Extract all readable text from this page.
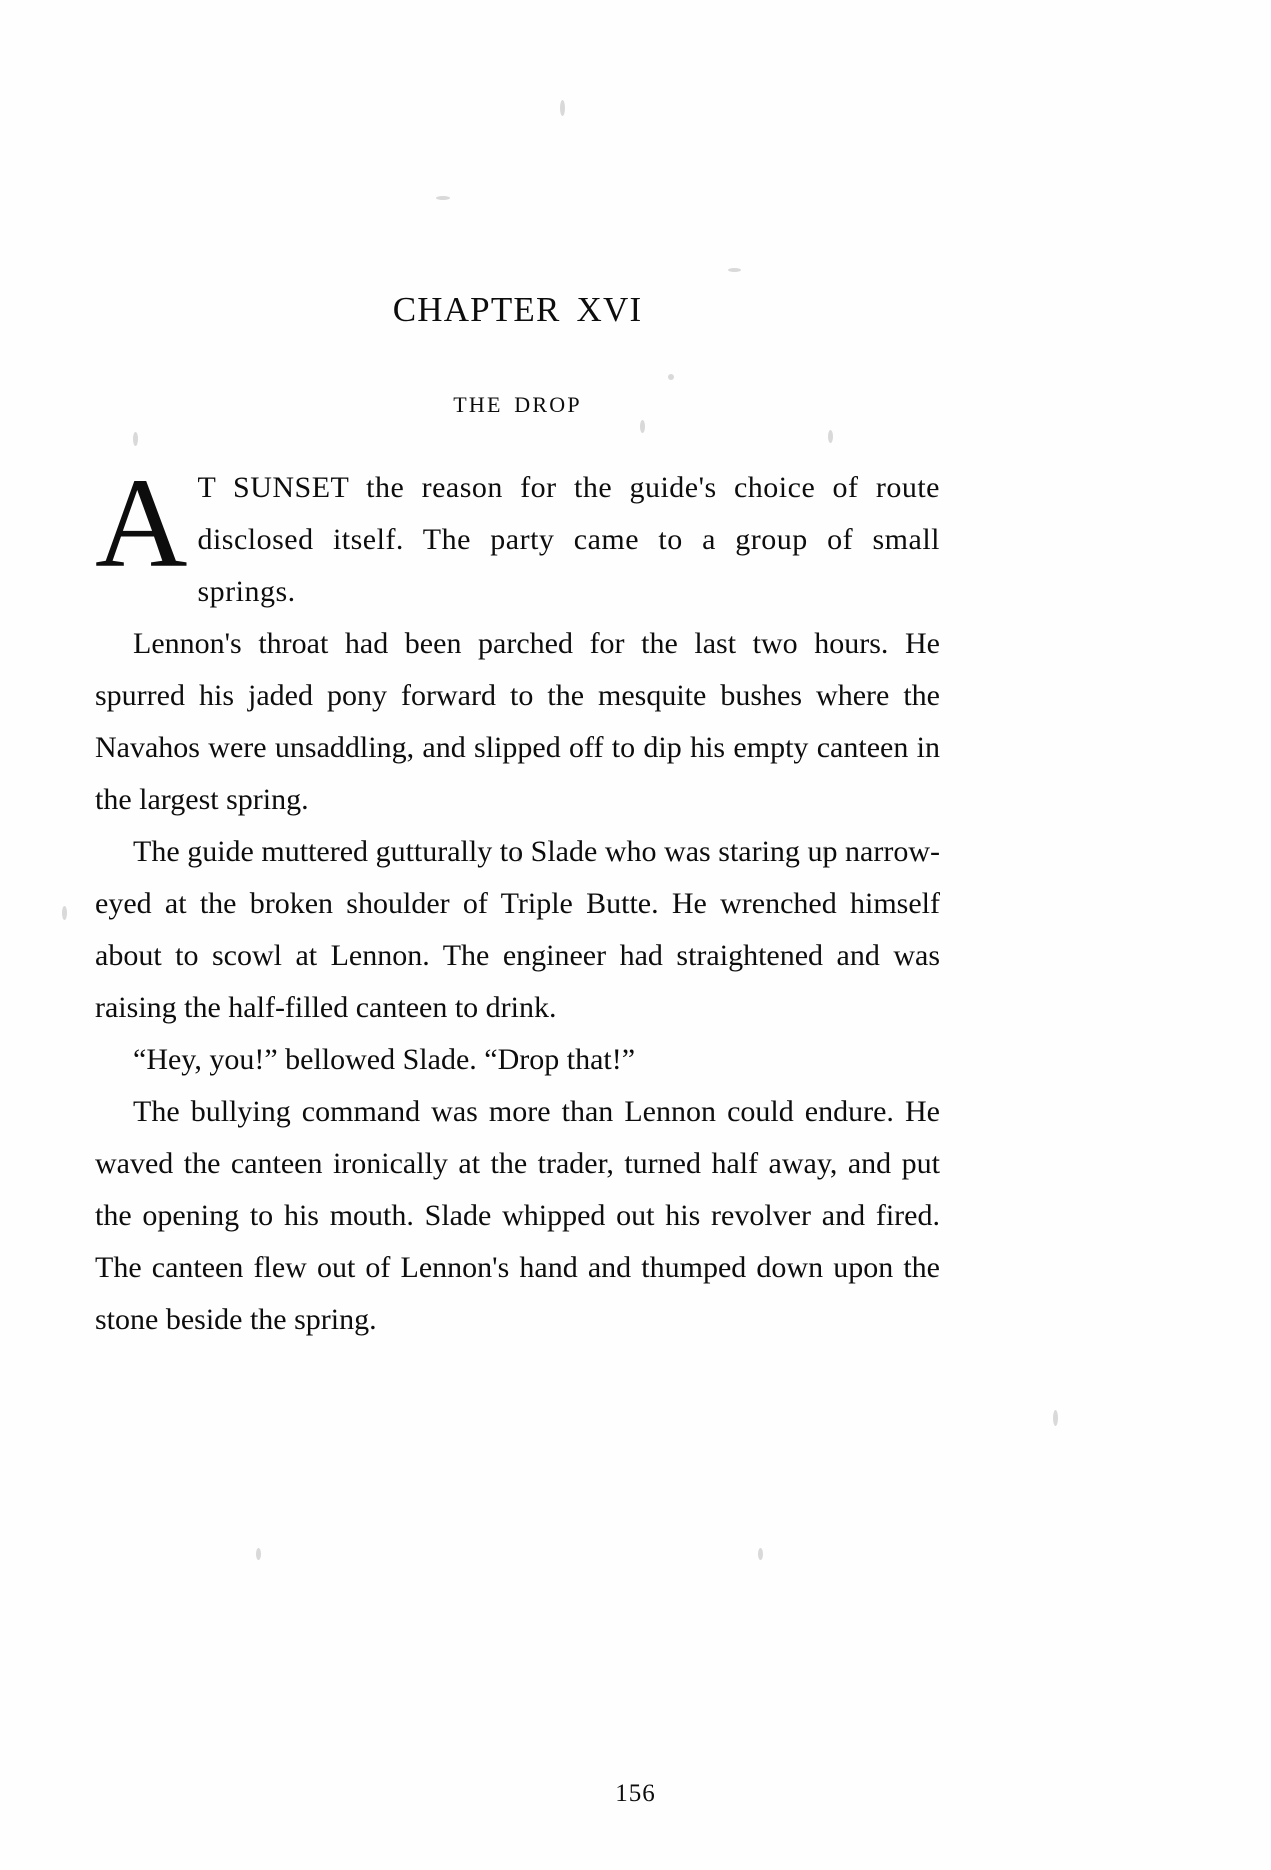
CHAPTER XVI
THE DROP

A T SUNSET the reason for the guide's choice of route disclosed itself. The party came to a group of small springs.

Lennon's throat had been parched for the last two hours. He spurred his jaded pony forward to the mesquite bushes where the Navahos were unsaddling, and slipped off to dip his empty canteen in the largest spring.

The guide muttered gutturally to Slade who was staring up narrow-eyed at the broken shoulder of Triple Butte. He wrenched himself about to scowl at Lennon. The engineer had straightened and was raising the half-filled canteen to drink.

“Hey, you!” bellowed Slade. “Drop that!”

The bullying command was more than Lennon could endure. He waved the canteen ironically at the trader, turned half away, and put the opening to his mouth. Slade whipped out his revolver and fired. The canteen flew out of Lennon's hand and thumped down upon the stone beside the spring.

156
